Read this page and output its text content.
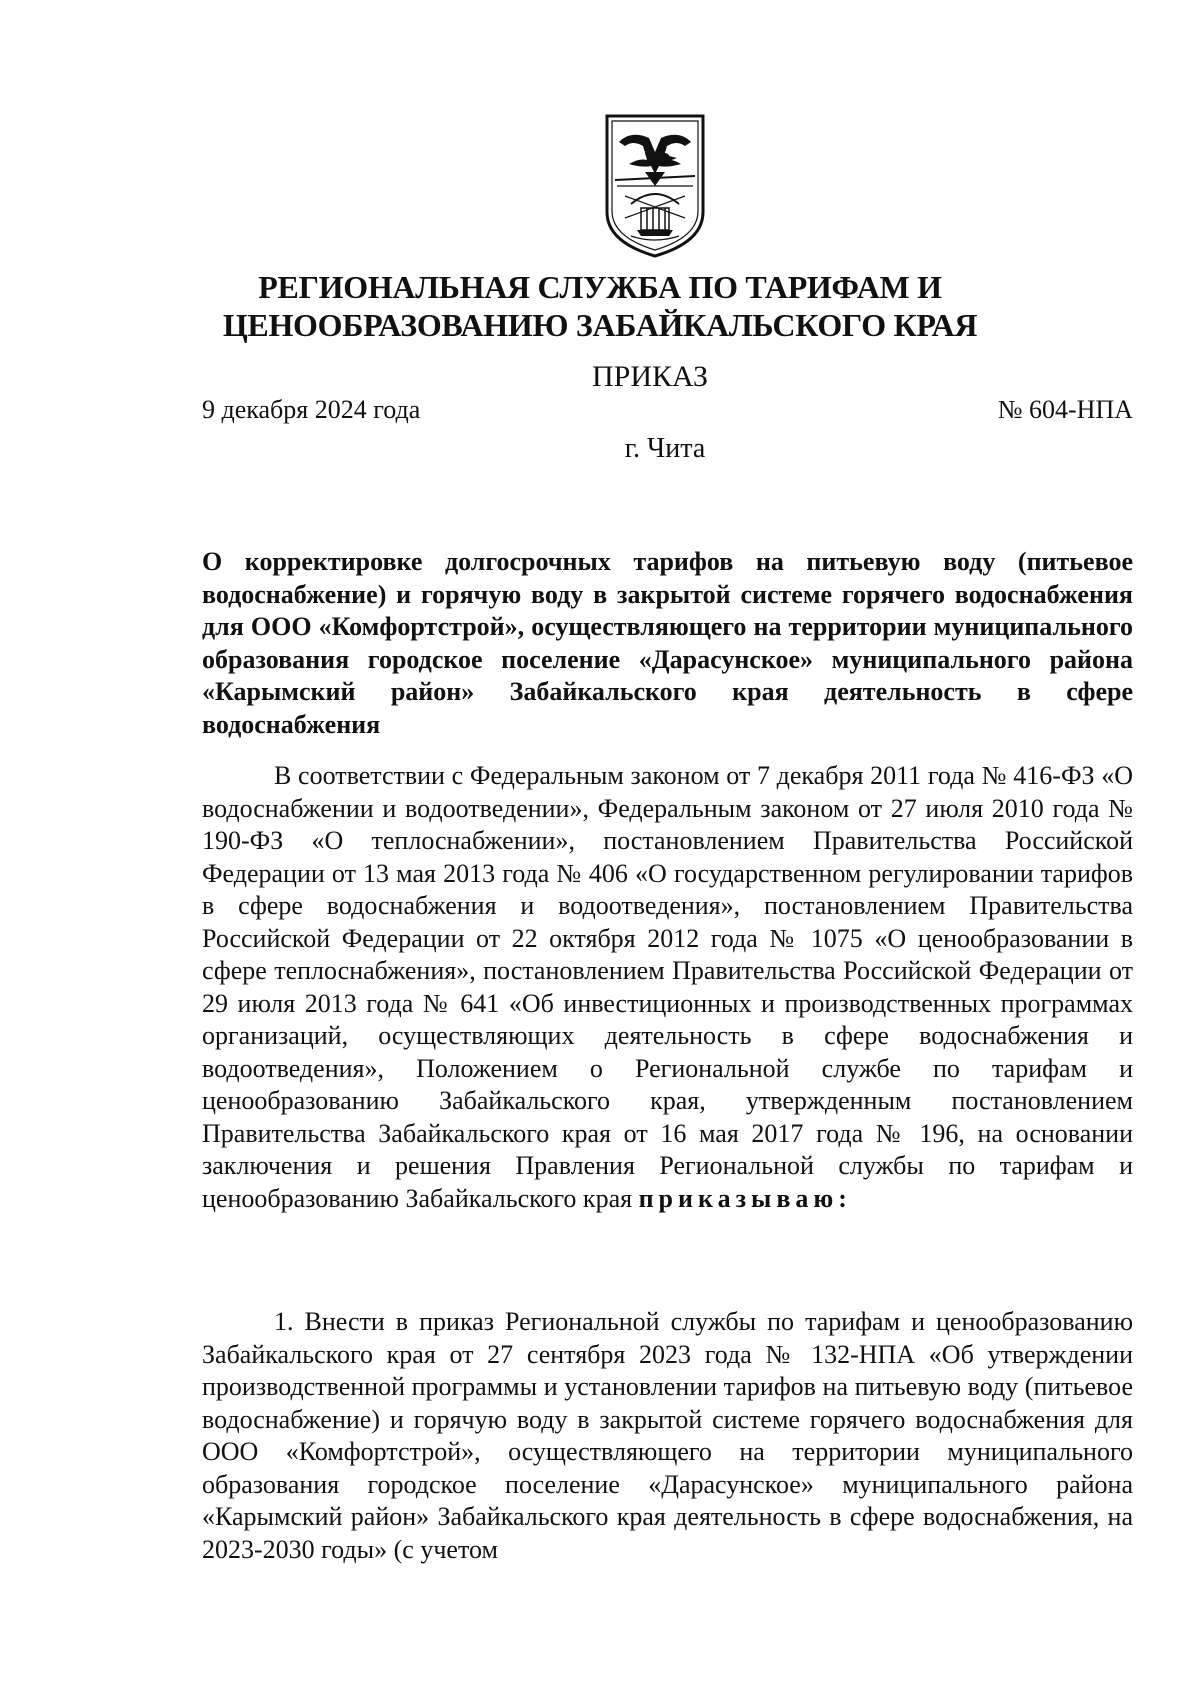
РЕГИОНАЛЬНАЯ СЛУЖБА ПО ТАРИФАМ И
ЦЕНООБРАЗОВАНИЮ ЗАБАЙКАЛЬСКОГО КРАЯ
ПРИКАЗ
9 декабря 2024 года	№ 604-НПА
г. Чита
О корректировке долгосрочных тарифов на питьевую воду (питьевое водоснабжение) и горячую воду в закрытой системе горячего водоснабжения для ООО «Комфортстрой», осуществляющего на территории муниципального образования городское поселение «Дарасунское» муниципального района «Карымский район» Забайкальского края деятельность в сфере водоснабжения
В соответствии с Федеральным законом от 7 декабря 2011 года № 416-ФЗ «О водоснабжении и водоотведении», Федеральным законом от 27 июля 2010 года № 190-ФЗ «О теплоснабжении», постановлением Правительства Российской Федерации от 13 мая 2013 года № 406 «О государственном регулировании тарифов в сфере водоснабжения и водоотведения», постановлением Правительства Российской Федерации от 22 октября 2012 года № 1075 «О ценообразовании в сфере теплоснабжения», постановлением Правительства Российской Федерации от 29 июля 2013 года № 641 «Об инвестиционных и производственных программах организаций, осуществляющих деятельность в сфере водоснабжения и водоотведения», Положением о Региональной службе по тарифам и ценообразованию Забайкальского края, утвержденным постановлением Правительства Забайкальского края от 16 мая 2017 года № 196, на основании заключения и решения Правления Региональной службы по тарифам и ценообразованию Забайкальского края приказываю:
1. Внести в приказ Региональной службы по тарифам и ценообразованию Забайкальского края от 27 сентября 2023 года № 132-НПА «Об утверждении производственной программы и установлении тарифов на питьевую воду (питьевое водоснабжение) и горячую воду в закрытой системе горячего водоснабжения для ООО «Комфортстрой», осуществляющего на территории муниципального образования городское поселение «Дарасунское» муниципального района «Карымский район» Забайкальского края деятельность в сфере водоснабжения, на 2023-2030 годы» (с учетом
